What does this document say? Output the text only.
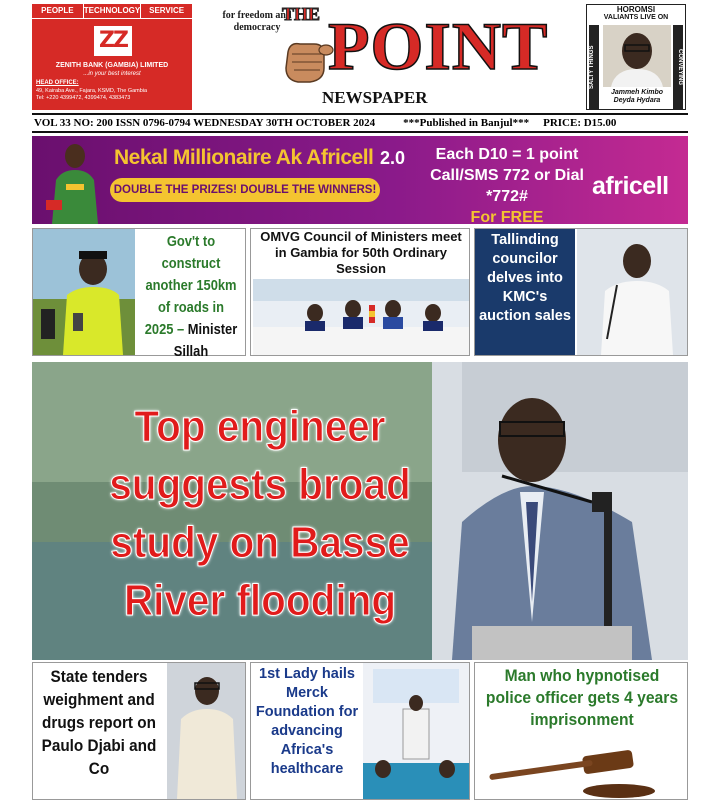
PEOPLE	TECHNOLOGY	SERVICE
ZZ
ZENITH BANK (GAMBIA) LIMITED
...in your best interest
HEAD OFFICE:
49, Kairaba Ave., Fajara, KSMD, The Gambia
Tel: +220 4399472, 4399474, 4383473
for freedom and democracy
THE POINT
NEWSPAPER
HOROMSI
VALIANTS LIVE ON
SALTY THINGS
Jammeh Kimbo Deyda Hydara
CONVEYING
VOL 33 NO: 200 ISSN 0796-0794 WEDNESDAY 30TH OCTOBER 2024	***Published in Banjul*** PRICE: D15.00
Nekal Millionaire Ak Africell 2.0
DOUBLE THE PRIZES! DOUBLE THE WINNERS!
Each D10 = 1 point
Call/SMS 772 or Dial *772#
For FREE
africell
Gov't to construct another 150km of roads in 2025 – Minister Sillah
OMVG Council of Ministers meet in Gambia for 50th Ordinary Session
Tallinding councilor delves into KMC's auction sales
Top engineer suggests broad study on Basse River flooding
State tenders weighment and drugs report on Paulo Djabi and Co
1st Lady hails Merck Foundation for advancing Africa's healthcare
Man who hypnotised police officer gets 4 years imprisonment
